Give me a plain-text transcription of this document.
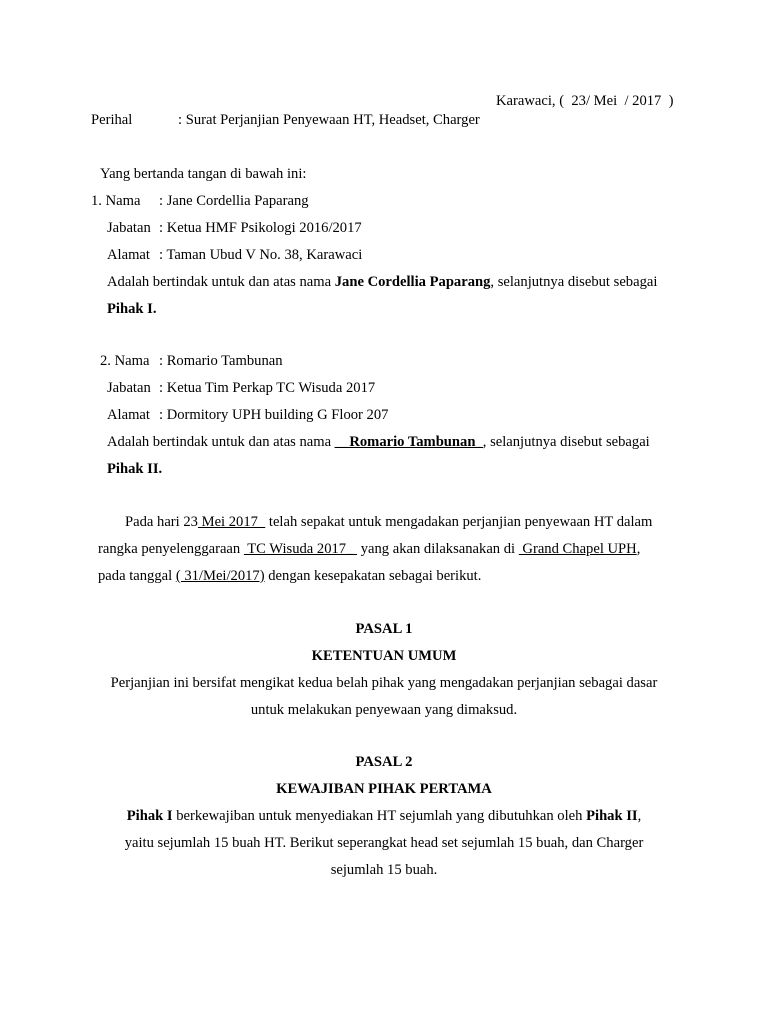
Karawaci, (  23/ Mei  / 2017  )
Perihal	: Surat Perjanjian Penyewaan HT, Headset, Charger
Yang bertanda tangan di bawah ini:
1. Nama : Jane Cordellia Paparang
Jabatan : Ketua HMF Psikologi 2016/2017
Alamat : Taman Ubud V No. 38, Karawaci
Adalah bertindak untuk dan atas nama Jane Cordellia Paparang, selanjutnya disebut sebagai
Pihak I.
2. Nama : Romario Tambunan
Jabatan : Ketua Tim Perkap TC Wisuda 2017
Alamat : Dormitory UPH building G Floor 207
Adalah bertindak untuk dan atas nama __Romario Tambunan_, selanjutnya disebut sebagai
Pihak II.
Pada hari 23 Mei 2017   telah sepakat untuk mengadakan perjanjian penyewaan HT dalam
rangka penyelenggaraan  TC Wisuda 2017_  yang akan dilaksanakan di  Grand Chapel UPH,
pada tanggal ( 31/Mei/2017) dengan kesepakatan sebagai berikut.
PASAL 1
KETENTUAN UMUM
Perjanjian ini bersifat mengikat kedua belah pihak yang mengadakan perjanjian sebagai dasar
untuk melakukan penyewaan yang dimaksud.
PASAL 2
KEWAJIBAN PIHAK PERTAMA
Pihak I berkewajiban untuk menyediakan HT sejumlah yang dibutuhkan oleh Pihak II,
yaitu sejumlah 15 buah HT. Berikut seperangkat head set sejumlah 15 buah, dan Charger
sejumlah 15 buah.
